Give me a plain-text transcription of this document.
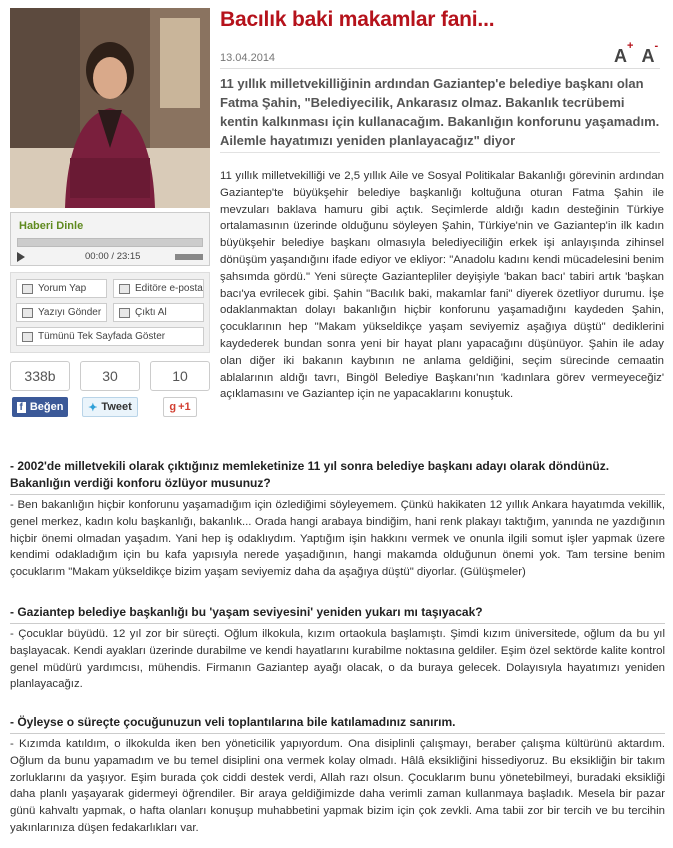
Bacılık baki makamlar fani...
13.04.2014	A+ A-
11 yıllık milletvekilliğinin ardından Gaziantep'e belediye başkanı olan Fatma Şahin, "Belediyecilik, Ankarasız olmaz. Bakanlık tecrübemi kentin kalkınması için kullanacağım. Bakanlığın konforunu yaşamadım. Ailemle hayatımızı yeniden planlayacağız" diyor
11 yıllık milletvekilliği ve 2,5 yıllık Aile ve Sosyal Politikalar Bakanlığı görevinin ardından Gaziantep'te büyükşehir belediye başkanlığı koltuğuna oturan Fatma Şahin ile mevzuları baklava hamuru gibi açtık. Seçimlerde aldığı kadın desteğinin Türkiye ortalamasının üzerinde olduğunu söyleyen Şahin, Türkiye'nin ve Gaziantep'in ilk kadın büyükşehir belediye başkanı olmasıyla belediyeciliğin erkek işi anlayışında zihinsel dönüşüm yaşandığını ifade ediyor ve ekliyor: "Anadolu kadını kendi mücadelesini benim şahsımda gördü." Yeni süreçte Gaziantepliler deyişiyle 'bakan bacı' tabiri artık 'başkan bacı'ya evrilecek gibi. Şahin "Bacılık baki, makamlar fani" diyerek özetliyor durumu. İşe odaklanmaktan dolayı bakanlığın hiçbir konforunu yaşamadığını kaydeden Şahin, çocuklarının hep "Makam yükseldikçe yaşam seviyemiz aşağıya düştü" dediklerini kaydederek bundan sonra yeni bir hayat planı yapacağını düşünüyor. Şahin ile aday olan diğer iki bakanın kaybının ne anlama geldiğini, seçim sürecinde cemaatin ablalarının aldığı tavrı, Bingöl Belediye Başkanı'nın 'kadınlara görev vermeyeceğiz' açıklamasını ve Gaziantep için ne yapacaklarını konuştuk.
Haberi Dinle
00:00 / 23:15
Yorum Yap	Editöre e-posta
Yazıyı Gönder	Çıktı Al
Tümünü Tek Sayfada Göster
338b
f Beğen
30
✦ Tweet
10
g +1
- 2002'de milletvekili olarak çıktığınız memleketinize 11 yıl sonra belediye başkanı adayı olarak döndünüz. Bakanlığın verdiği konforu özlüyor musunuz?
- Ben bakanlığın hiçbir konforunu yaşamadığım için özlediğimi söyleyemem. Çünkü hakikaten 12 yıllık Ankara hayatımda vekillik, genel merkez, kadın kolu başkanlığı, bakanlık... Orada hangi arabaya bindiğim, hani renk plakayı taktığım, yanında ne yazdığının hiçbir önemi olmadan yaşadım. Yani hep iş odaklıydım. Yaptığım işin hakkını vermek ve onunla ilgili somut işler yapmak üzere kendimi odakladığım için bu kafa yapısıyla nerede yaşadığının, hangi makamda olduğunun önemi yok. Tam tersine benim çocuklarım "Makam yükseldikçe bizim yaşam seviyemiz daha da aşağıya düştü" diyorlar. (Gülüşmeler)
- Gaziantep belediye başkanlığı bu 'yaşam seviyesini' yeniden yukarı mı taşıyacak?
- Çocuklar büyüdü. 12 yıl zor bir süreçti. Oğlum ilkokula, kızım ortaokula başlamıştı. Şimdi kızım üniversitede, oğlum da bu yıl başlayacak. Kendi ayakları üzerinde durabilme ve kendi hayatlarını kurabilme noktasına geldiler. Eşim özel sektörde kalite kontrol genel müdürü yardımcısı, mühendis. Firmanın Gaziantep ayağı olacak, o da buraya gelecek. Dolayısıyla hayatımızı yeniden planlayacağız.
- Öyleyse o süreçte çocuğunuzun veli toplantılarına bile katılamadınız sanırım.
- Kızımda katıldım, o ilkokulda iken ben yöneticilik yapıyordum. Ona disiplinli çalışmayı, beraber çalışma kültürünü aktardım. Oğlum da bunu yapamadım ve bu temel disiplini ona vermek kolay olmadı. Hâlâ eksikliğini hissediyoruz. Bu eksikliğin bir takım zorluklarını da yaşıyor. Eşim burada çok ciddi destek verdi, Allah razı olsun. Çocuklarım bunu yönetebilmeyi, buradaki eksikliği daha planlı yaşayarak gidermeyi öğrendiler. Bir araya geldiğimizde daha verimli zaman kullanmaya başladık. Mesela bir pazar günü kahvaltı yapmak, o hafta olanları konuşup muhabbetini yapmak bizim için çok zevkli. Ama tabii zor bir tercih ve bu tercihin yakınlarınıza düşen fedakarlıkları var.
